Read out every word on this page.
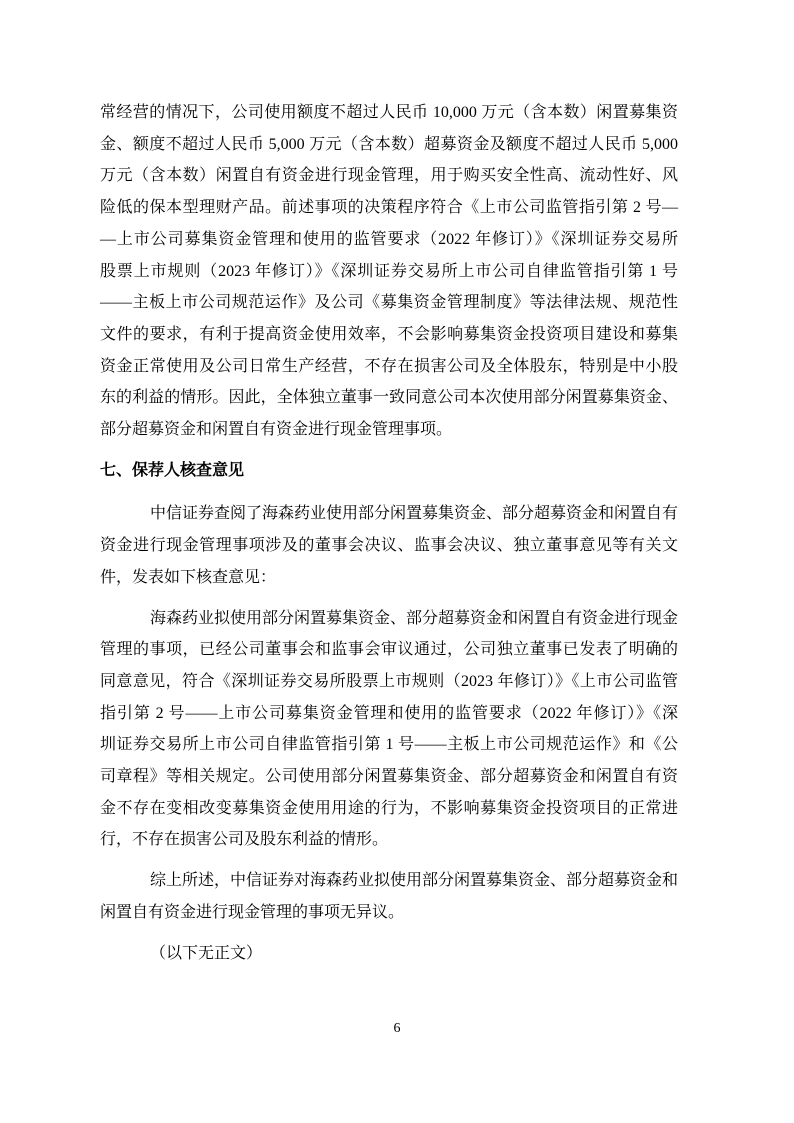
常经营的情况下，公司使用额度不超过人民币 10,000 万元（含本数）闲置募集资
金、额度不超过人民币 5,000 万元（含本数）超募资金及额度不超过人民币 5,000
万元（含本数）闲置自有资金进行现金管理，用于购买安全性高、流动性好、风
险低的保本型理财产品。前述事项的决策程序符合《上市公司监管指引第 2 号—
—上市公司募集资金管理和使用的监管要求（2022 年修订）》《深圳证券交易所
股票上市规则（2023 年修订）》《深圳证券交易所上市公司自律监管指引第 1 号
——主板上市公司规范运作》及公司《募集资金管理制度》等法律法规、规范性
文件的要求，有利于提高资金使用效率，不会影响募集资金投资项目建设和募集
资金正常使用及公司日常生产经营，不存在损害公司及全体股东，特别是中小股
东的利益的情形。因此，全体独立董事一致同意公司本次使用部分闲置募集资金、
部分超募资金和闲置自有资金进行现金管理事项。
七、保荐人核查意见
中信证券查阅了海森药业使用部分闲置募集资金、部分超募资金和闲置自有
资金进行现金管理事项涉及的董事会决议、监事会决议、独立董事意见等有关文
件，发表如下核查意见：
海森药业拟使用部分闲置募集资金、部分超募资金和闲置自有资金进行现金
管理的事项，已经公司董事会和监事会审议通过，公司独立董事已发表了明确的
同意意见，符合《深圳证券交易所股票上市规则（2023 年修订）》《上市公司监管
指引第 2 号——上市公司募集资金管理和使用的监管要求（2022 年修订）》《深
圳证券交易所上市公司自律监管指引第 1 号——主板上市公司规范运作》和《公
司章程》等相关规定。公司使用部分闲置募集资金、部分超募资金和闲置自有资
金不存在变相改变募集资金使用用途的行为，不影响募集资金投资项目的正常进
行，不存在损害公司及股东利益的情形。
综上所述，中信证券对海森药业拟使用部分闲置募集资金、部分超募资金和
闲置自有资金进行现金管理的事项无异议。
（以下无正文）
6
